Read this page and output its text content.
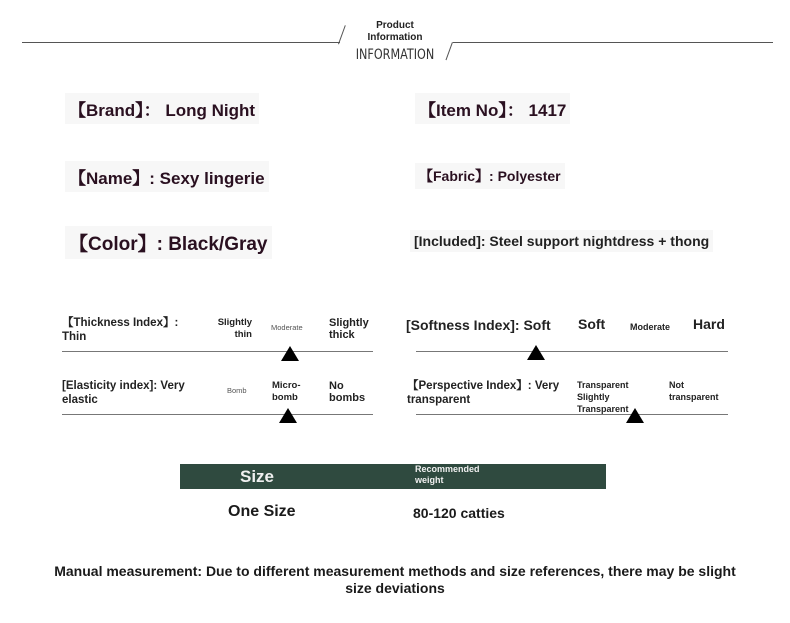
Product
Information
INFORMATION
【Brand】： Long Night	【Item No】： 1417
【Name】: Sexy lingerie	【Fabric】: Polyester
【Color】: Black/Gray	[Included]: Steel support nightdress + thong
【Thickness Index】:
Thin
Slightly
thin
Moderate Slightly
thick
[Softness Index]: Soft Soft	Moderate Hard
[Elasticity index]: Very
elastic
Bomb	Micro-
bomb
No
bombs
【Perspective Index】: Very
transparent
Transparent
Slightly
Transparent
Not
transparent
Size	Recommended
weight
One Size	80-120 catties
Manual measurement: Due to different measurement methods and size references, there may be slight size deviations
